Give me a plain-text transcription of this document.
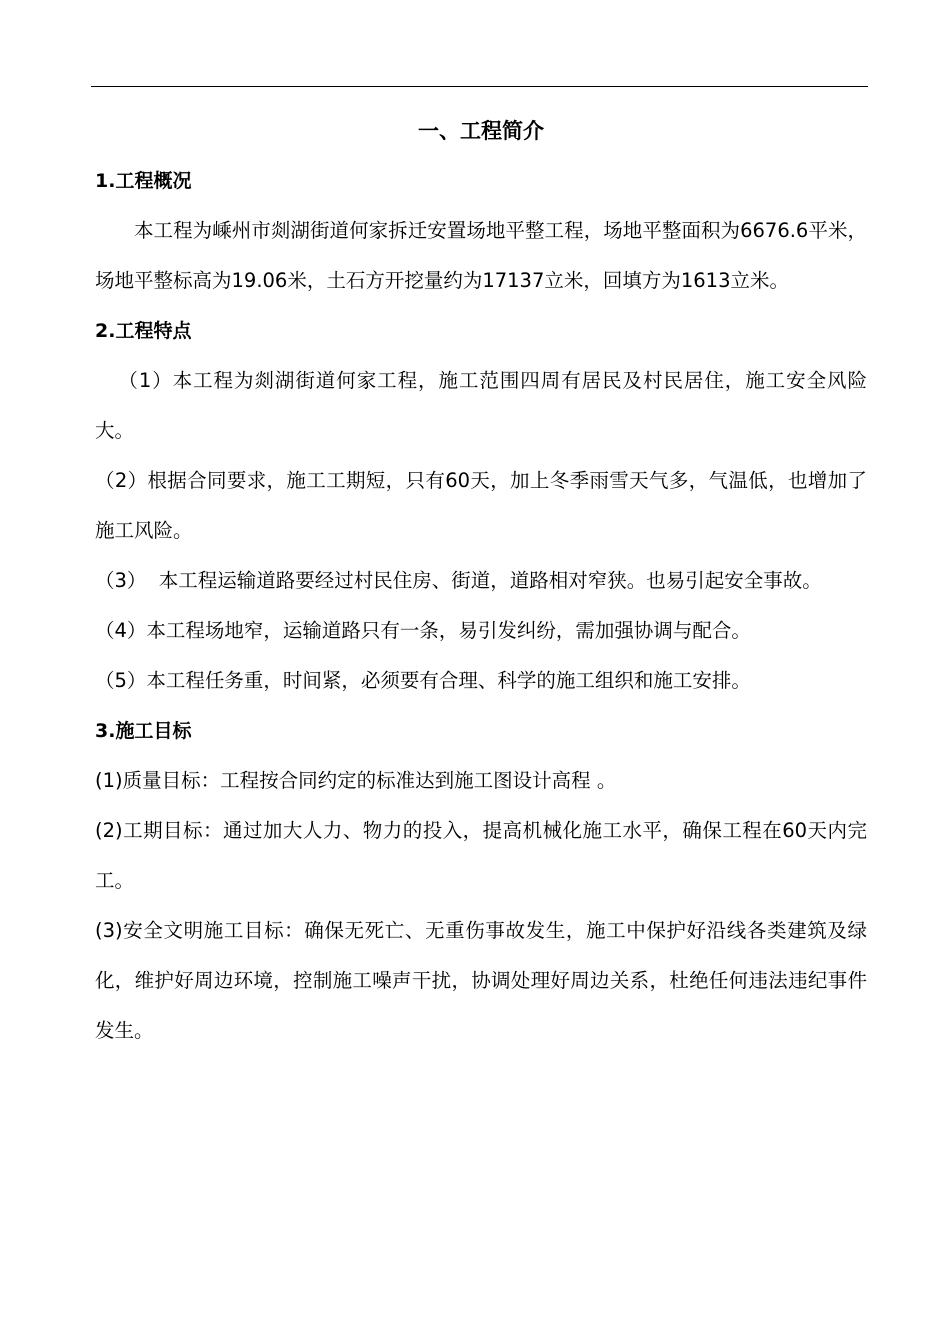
一、工程简介
1.工程概况

本工程为嵊州市剡湖街道何家拆迁安置场地平整工程，场地平整面积为6676.6平米，场地平整标高为19.06米，土石方开挖量约为17137立米，回填方为1613立米。

2.工程特点

（1）本工程为剡湖街道何家工程，施工范围四周有居民及村民居住，施工安全风险大。

（2）根据合同要求，施工工期短，只有60天，加上冬季雨雪天气多，气温低，也增加了施工风险。

（3）  本工程运输道路要经过村民住房、街道，道路相对窄狭。也易引起安全事故。

（4）本工程场地窄，运输道路只有一条，易引发纠纷，需加强协调与配合。

（5）本工程任务重，时间紧，必须要有合理、科学的施工组织和施工安排。

3.施工目标

(1)质量目标：工程按合同约定的标准达到施工图设计高程 。

(2)工期目标：通过加大人力、物力的投入，提高机械化施工水平，确保工程在60天内完工。

(3)安全文明施工目标：确保无死亡、无重伤事故发生，施工中保护好沿线各类建筑及绿化，维护好周边环境，控制施工噪声干扰，协调处理好周边关系，杜绝任何违法违纪事件发生。
